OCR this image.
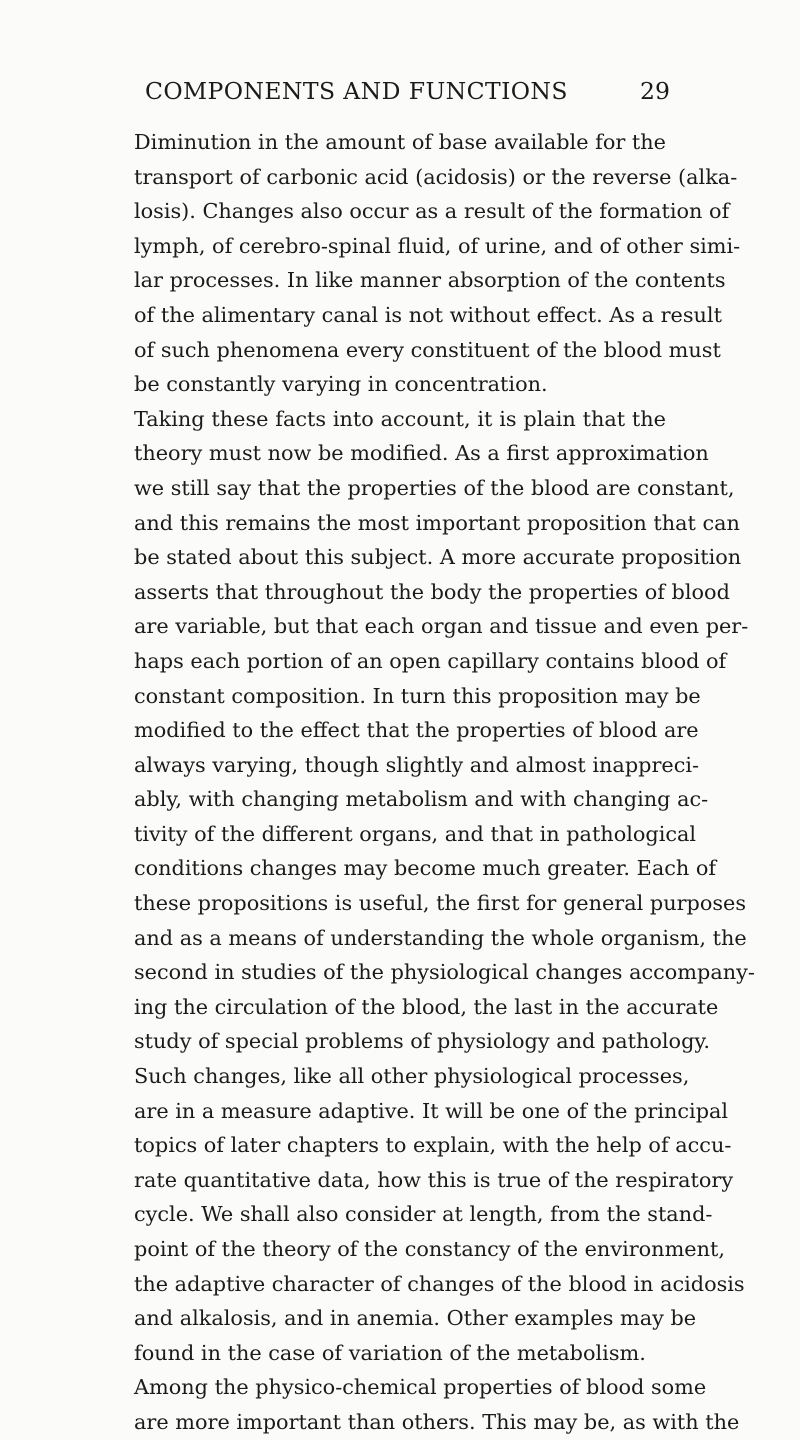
COMPONENTS AND FUNCTIONS	29
Diminution in the amount of base available for the
transport of carbonic acid (acidosis) or the reverse (alka-
losis). Changes also occur as a result of the formation of
lymph, of cerebro-spinal fluid, of urine, and of other simi-
lar processes. In like manner absorption of the contents
of the alimentary canal is not without effect. As a result
of such phenomena every constituent of the blood must
be constantly varying in concentration.
Taking these facts into account, it is plain that the
theory must now be modified. As a first approximation
we still say that the properties of the blood are constant,
and this remains the most important proposition that can
be stated about this subject. A more accurate proposition
asserts that throughout the body the properties of blood
are variable, but that each organ and tissue and even per-
haps each portion of an open capillary contains blood of
constant composition. In turn this proposition may be
modified to the effect that the properties of blood are
always varying, though slightly and almost inappreci-
ably, with changing metabolism and with changing ac-
tivity of the different organs, and that in pathological
conditions changes may become much greater. Each of
these propositions is useful, the first for general purposes
and as a means of understanding the whole organism, the
second in studies of the physiological changes accompany-
ing the circulation of the blood, the last in the accurate
study of special problems of physiology and pathology.
Such changes, like all other physiological processes,
are in a measure adaptive. It will be one of the principal
topics of later chapters to explain, with the help of accu-
rate quantitative data, how this is true of the respiratory
cycle. We shall also consider at length, from the stand-
point of the theory of the constancy of the environment,
the adaptive character of changes of the blood in acidosis
and alkalosis, and in anemia. Other examples may be
found in the case of variation of the metabolism.
Among the physico-chemical properties of blood some
are more important than others. This may be, as with the
